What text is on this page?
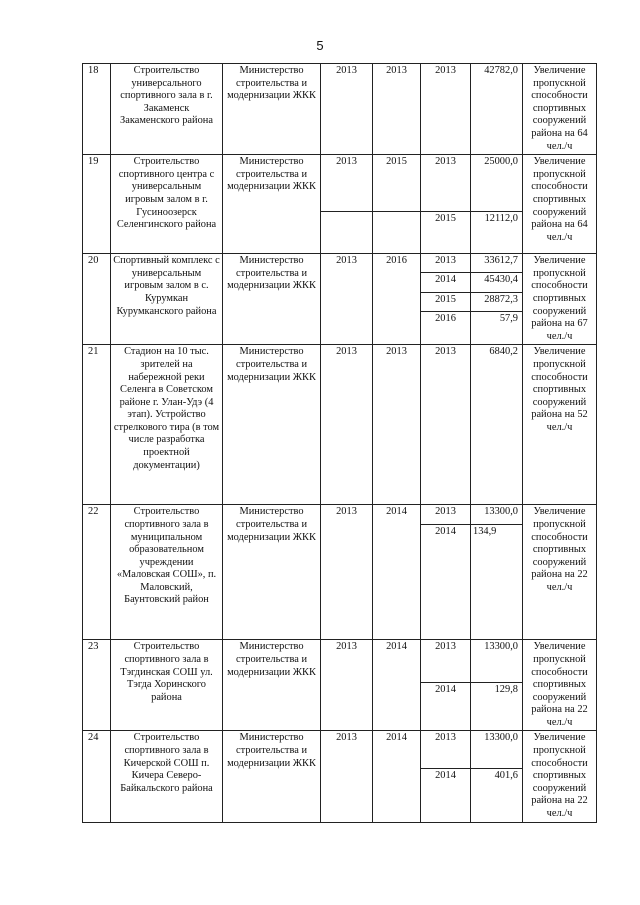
5
18	Строительство универсального спортивного зала в г. Закаменск Закаменского района	Министерство строительства и модернизации ЖКК	2013	2013	2013	42782,0	Увеличение пропускной способности спортивных сооружений района на 64 чел./ч
19	Строительство спортивного центра с универсальным игровым залом в г. Гусиноозерск Селенгинского района	Министерство строительства и модернизации ЖКК	2013	2015	2013	25000,0	Увеличение пропускной способности спортивных сооружений района на 64 чел./ч
					2015	12112,0	
20	Спортивный комплекс с универсальным игровым залом в с. Курумкан Курумканского района	Министерство строительства и модернизации ЖКК	2013	2016	2013	33612,7	Увеличение пропускной способности спортивных сооружений района на 67 чел./ч
					2014	45430,4	
					2015	28872,3	
					2016	57,9	
21	Стадион на 10 тыс. зрителей на набережной реки Селенга в Советском районе г. Улан-Удэ (4 этап). Устройство стрелкового тира (в том числе разработка проектной документации)	Министерство строительства и модернизации ЖКК	2013	2013	2013	6840,2	Увеличение пропускной способности спортивных сооружений района на 52 чел./ч
22	Строительство спортивного зала в муниципальном образовательном учреждении «Маловская СОШ», п. Маловский, Баунтовский район	Министерство строительства и модернизации ЖКК	2013	2014	2013	13300,0	Увеличение пропускной способности спортивных сооружений района на 22 чел./ч
					2014	134,9	
23	Строительство спортивного зала в Тэгдинская СОШ ул. Тэгда Хоринского района	Министерство строительства и модернизации ЖКК	2013	2014	2013	13300,0	Увеличение пропускной способности спортивных сооружений района на 22 чел./ч
					2014	129,8	
24	Строительство спортивного зала в Кичерской СОШ п. Кичера Северо-Байкальского района	Министерство строительства и модернизации ЖКК	2013	2014	2013	13300,0	Увеличение пропускной способности спортивных сооружений района на 22 чел./ч
					2014	401,6	
